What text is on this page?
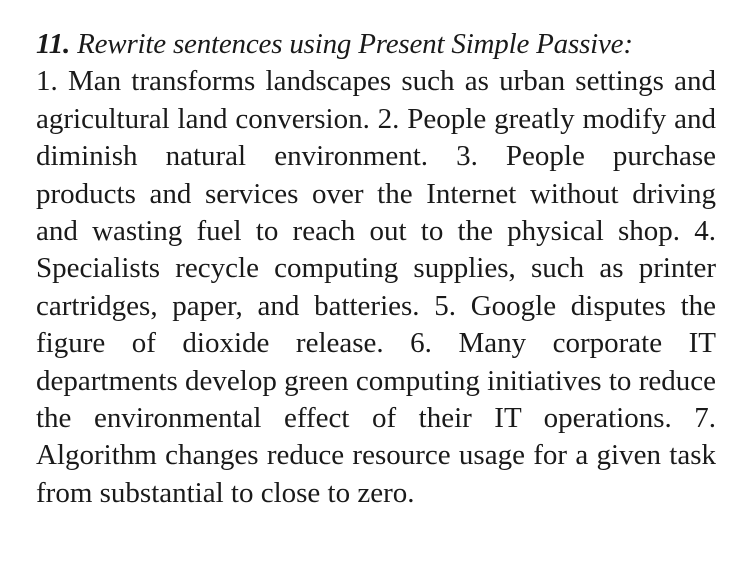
11. Rewrite sentences using Present Simple Passive:

1. Man transforms landscapes such as urban settings and agricultural land conversion. 2. People greatly modify and diminish natural environment. 3. People purchase products and services over the Internet without driving and wasting fuel to reach out to the physical shop. 4. Specialists recycle computing supplies, such as printer cartridges, paper, and batteries. 5. Google disputes the figure of dioxide release. 6. Many corporate IT departments develop green computing initiatives to reduce the environmental effect of their IT operations. 7. Algorithm changes reduce resource usage for a given task from substantial to close to zero.
